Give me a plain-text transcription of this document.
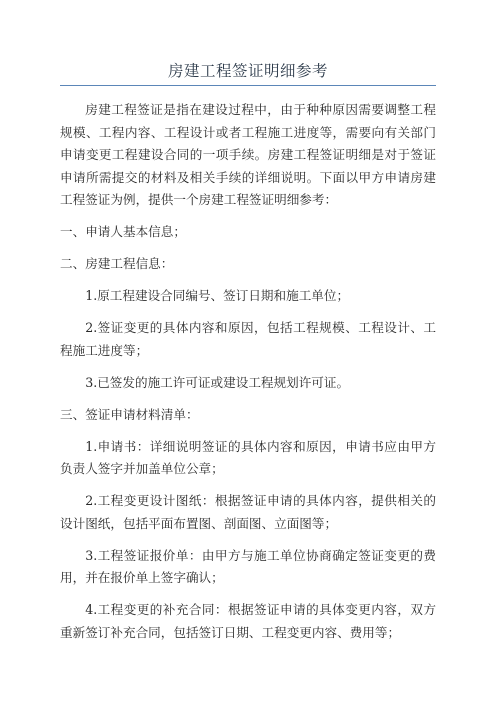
房建工程签证明细参考

房建工程签证是指在建设过程中，由于种种原因需要调整工程规模、工程内容、工程设计或者工程施工进度等，需要向有关部门申请变更工程建设合同的一项手续。房建工程签证明细是对于签证申请所需提交的材料及相关手续的详细说明。下面以甲方申请房建工程签证为例，提供一个房建工程签证明细参考：

一、申请人基本信息；

二、房建工程信息：

1.原工程建设合同编号、签订日期和施工单位；

2.签证变更的具体内容和原因，包括工程规模、工程设计、工程施工进度等；

3.已签发的施工许可证或建设工程规划许可证。

三、签证申请材料清单：

1.申请书：详细说明签证的具体内容和原因，申请书应由甲方负责人签字并加盖单位公章；

2.工程变更设计图纸：根据签证申请的具体内容，提供相关的设计图纸，包括平面布置图、剖面图、立面图等；

3.工程签证报价单：由甲方与施工单位协商确定签证变更的费用，并在报价单上签字确认；

4.工程变更的补充合同：根据签证申请的具体变更内容，双方重新签订补充合同，包括签订日期、工程变更内容、费用等；
